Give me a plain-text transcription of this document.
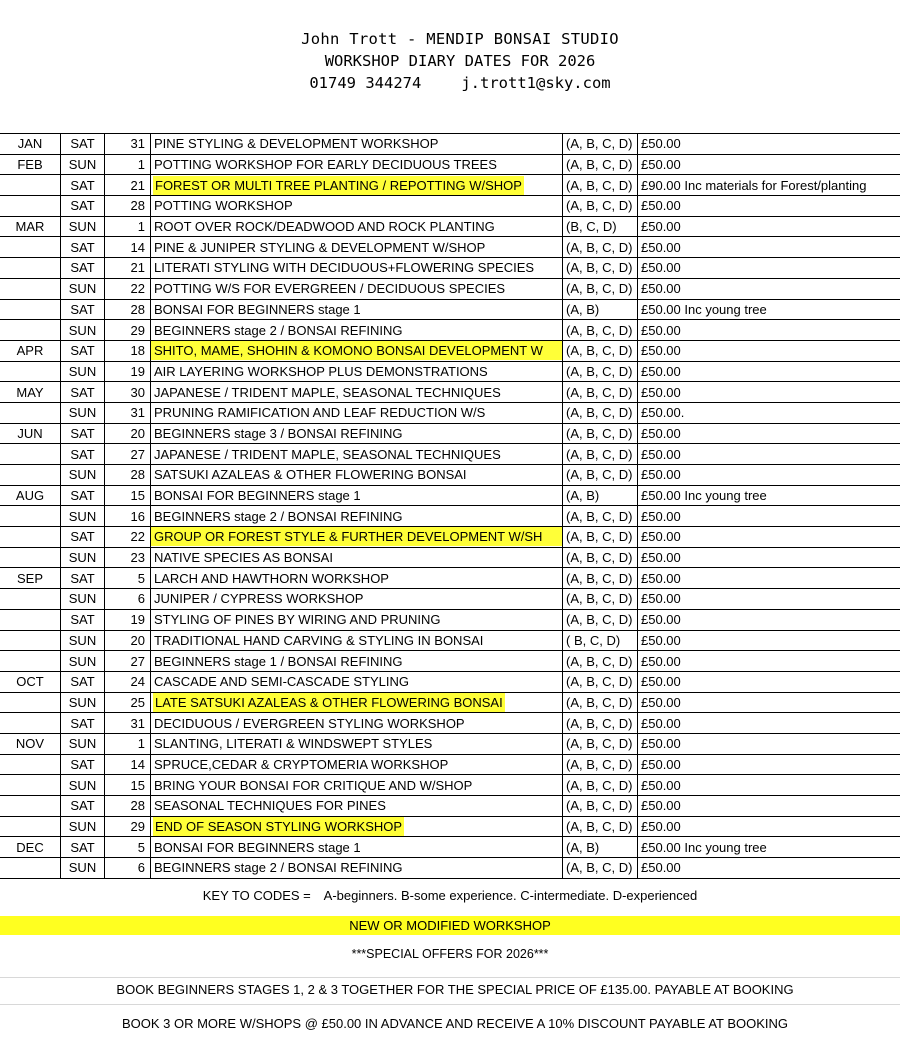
John Trott - MENDIP BONSAI STUDIO
WORKSHOP DIARY DATES FOR 2026
01749 344274	j.trott1@sky.com
JAN	SAT	31	PINE STYLING & DEVELOPMENT WORKSHOP	(A, B, C, D)	£50.00
FEB	SUN	1	POTTING WORKSHOP FOR EARLY DECIDUOUS TREES	(A, B, C, D)	£50.00
	SAT	21	FOREST OR MULTI TREE PLANTING / REPOTTING W/SHOP	(A, B, C, D)	£90.00 Inc materials for Forest/planting
	SAT	28	POTTING WORKSHOP	(A, B, C, D)	£50.00
MAR	SUN	1	ROOT OVER ROCK/DEADWOOD AND ROCK PLANTING	(B, C, D)	£50.00
	SAT	14	PINE & JUNIPER STYLING & DEVELOPMENT W/SHOP	(A, B, C, D)	£50.00
	SAT	21	LITERATI STYLING WITH DECIDUOUS+FLOWERING SPECIES	(A, B, C, D)	£50.00
	SUN	22	POTTING W/S FOR EVERGREEN / DECIDUOUS SPECIES	(A, B, C, D)	£50.00
	SAT	28	BONSAI FOR BEGINNERS stage 1	(A, B)	£50.00 Inc young tree
	SUN	29	BEGINNERS stage 2 / BONSAI REFINING	(A, B, C, D)	£50.00
APR	SAT	18	SHITO, MAME, SHOHIN & KOMONO BONSAI DEVELOPMENT W	(A, B, C, D)	£50.00
	SUN	19	AIR LAYERING WORKSHOP PLUS DEMONSTRATIONS	(A, B, C, D)	£50.00
MAY	SAT	30	JAPANESE / TRIDENT MAPLE, SEASONAL TECHNIQUES	(A, B, C, D)	£50.00
	SUN	31	PRUNING RAMIFICATION AND LEAF REDUCTION W/S	(A, B, C, D)	£50.00.
JUN	SAT	20	BEGINNERS stage 3 / BONSAI REFINING	(A, B, C, D)	£50.00
	SAT	27	JAPANESE / TRIDENT MAPLE, SEASONAL TECHNIQUES	(A, B, C, D)	£50.00
	SUN	28	SATSUKI AZALEAS & OTHER FLOWERING BONSAI	(A, B, C, D)	£50.00
AUG	SAT	15	BONSAI FOR BEGINNERS stage 1	(A, B)	£50.00 Inc young tree
	SUN	16	BEGINNERS stage 2 / BONSAI REFINING	(A, B, C, D)	£50.00
	SAT	22	GROUP OR FOREST STYLE & FURTHER DEVELOPMENT W/SH	(A, B, C, D)	£50.00
	SUN	23	NATIVE SPECIES AS BONSAI	(A, B, C, D)	£50.00
SEP	SAT	5	LARCH AND HAWTHORN WORKSHOP	(A, B, C, D)	£50.00
	SUN	6	JUNIPER / CYPRESS WORKSHOP	(A, B, C, D)	£50.00
	SAT	19	STYLING OF PINES BY WIRING AND PRUNING	(A, B, C, D)	£50.00
	SUN	20	TRADITIONAL HAND CARVING & STYLING IN BONSAI	( B, C, D)	£50.00
	SUN	27	BEGINNERS stage 1 / BONSAI REFINING	(A, B, C, D)	£50.00
OCT	SAT	24	CASCADE AND SEMI-CASCADE STYLING	(A, B, C, D)	£50.00
	SUN	25	LATE SATSUKI AZALEAS & OTHER FLOWERING BONSAI	(A, B, C, D)	£50.00
	SAT	31	DECIDUOUS / EVERGREEN STYLING WORKSHOP	(A, B, C, D)	£50.00
NOV	SUN	1	SLANTING, LITERATI & WINDSWEPT STYLES	(A, B, C, D)	£50.00
	SAT	14	SPRUCE,CEDAR & CRYPTOMERIA WORKSHOP	(A, B, C, D)	£50.00
	SUN	15	BRING YOUR BONSAI FOR CRITIQUE AND W/SHOP	(A, B, C, D)	£50.00
	SAT	28	SEASONAL TECHNIQUES FOR PINES	(A, B, C, D)	£50.00
	SUN	29	END OF SEASON STYLING WORKSHOP	(A, B, C, D)	£50.00
DEC	SAT	5	BONSAI FOR BEGINNERS stage 1	(A, B)	£50.00 Inc young tree
	SUN	6	BEGINNERS stage 2 / BONSAI REFINING	(A, B, C, D)	£50.00
KEY TO CODES = A-beginners. B-some experience. C-intermediate. D-experienced
NEW OR MODIFIED WORKSHOP
***SPECIAL OFFERS FOR 2026***
BOOK BEGINNERS STAGES 1, 2 & 3 TOGETHER FOR THE SPECIAL PRICE OF £135.00. PAYABLE AT BOOKING
BOOK 3 OR MORE W/SHOPS @ £50.00 IN ADVANCE AND RECEIVE A 10% DISCOUNT PAYABLE AT BOOKING
